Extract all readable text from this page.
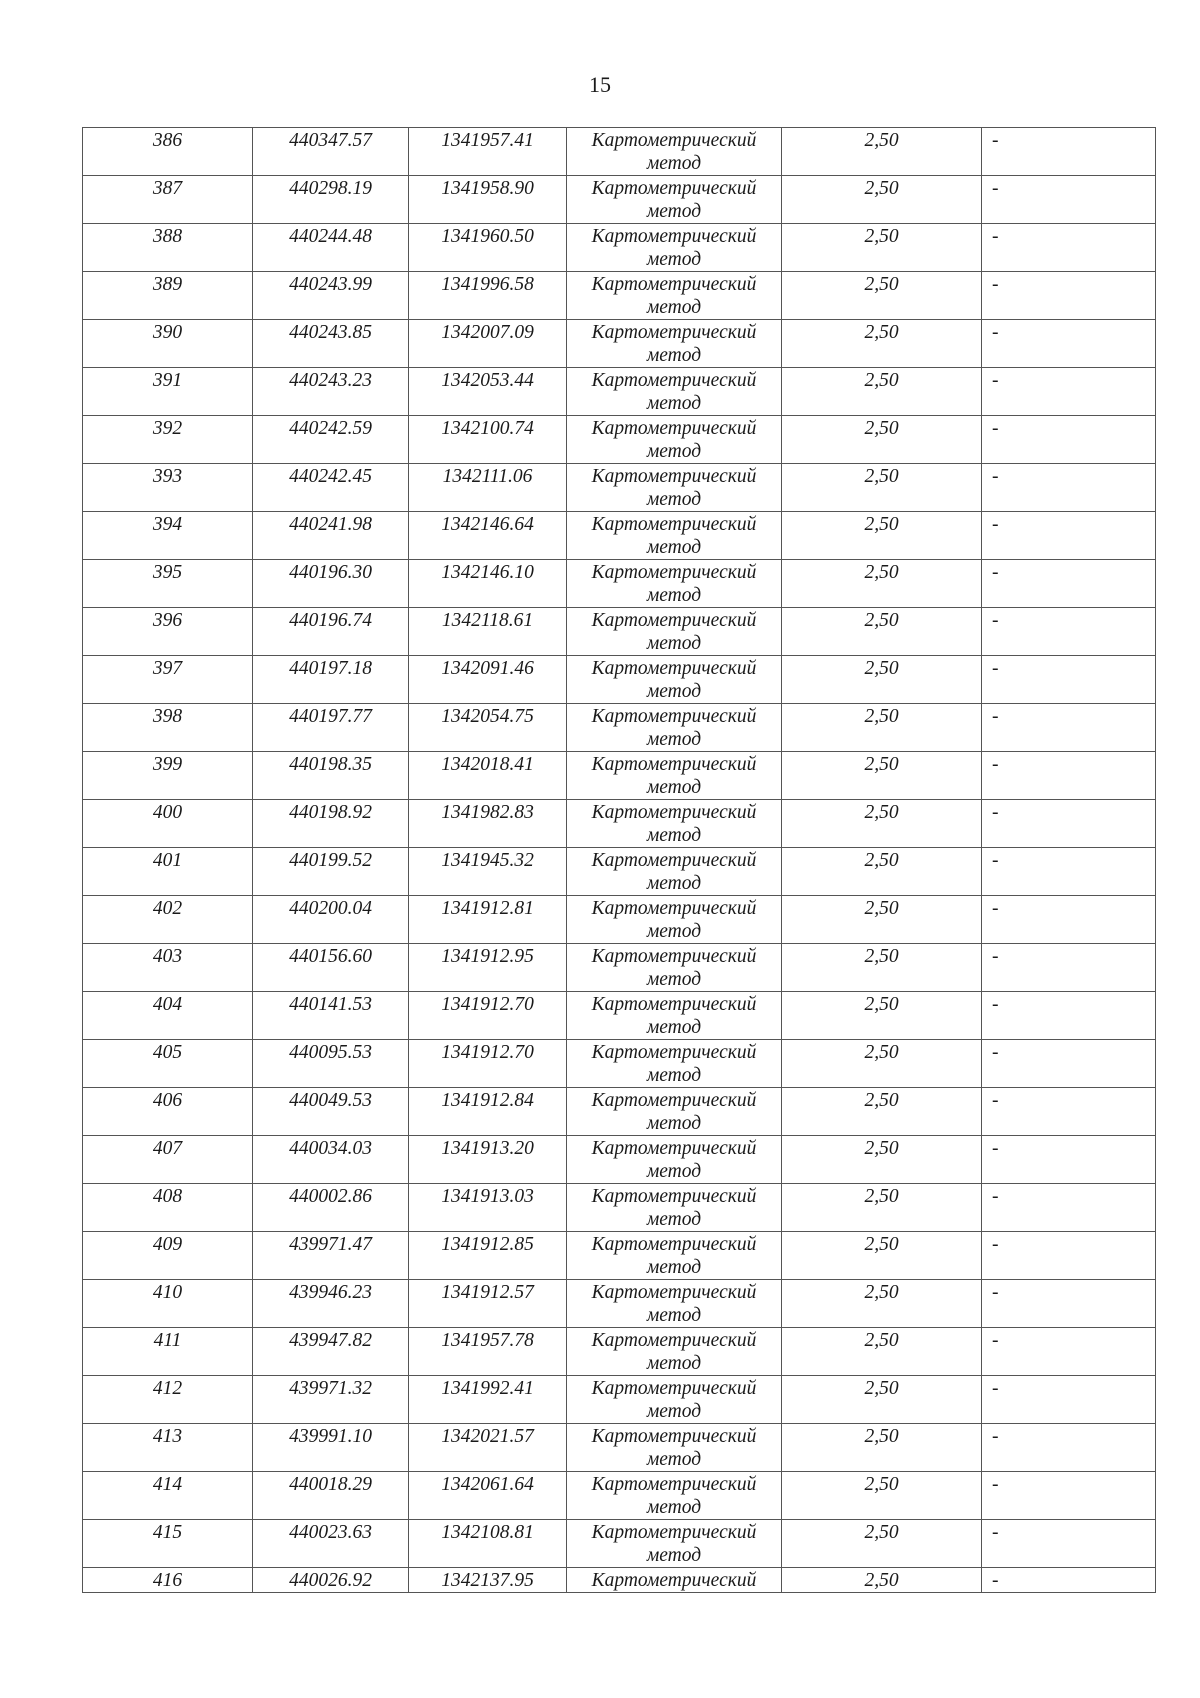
15
386	440347.57	1341957.41	Картометрический
метод	2,50	-

387	440298.19	1341958.90	Картометрический
метод	2,50	-

388	440244.48	1341960.50	Картометрический
метод	2,50	-

389	440243.99	1341996.58	Картометрический
метод	2,50	-

390	440243.85	1342007.09	Картометрический
метод	2,50	-

391	440243.23	1342053.44	Картометрический
метод	2,50	-

392	440242.59	1342100.74	Картометрический
метод	2,50	-

393	440242.45	1342111.06	Картометрический
метод	2,50	-

394	440241.98	1342146.64	Картометрический
метод	2,50	-

395	440196.30	1342146.10	Картометрический
метод	2,50	-

396	440196.74	1342118.61	Картометрический
метод	2,50	-

397	440197.18	1342091.46	Картометрический
метод	2,50	-

398	440197.77	1342054.75	Картометрический
метод	2,50	-

399	440198.35	1342018.41	Картометрический
метод	2,50	-

400	440198.92	1341982.83	Картометрический
метод	2,50	-

401	440199.52	1341945.32	Картометрический
метод	2,50	-

402	440200.04	1341912.81	Картометрический
метод	2,50	-

403	440156.60	1341912.95	Картометрический
метод	2,50	-

404	440141.53	1341912.70	Картометрический
метод	2,50	-

405	440095.53	1341912.70	Картометрический
метод	2,50	-

406	440049.53	1341912.84	Картометрический
метод	2,50	-

407	440034.03	1341913.20	Картометрический
метод	2,50	-

408	440002.86	1341913.03	Картометрический
метод	2,50	-

409	439971.47	1341912.85	Картометрический
метод	2,50	-

410	439946.23	1341912.57	Картометрический
метод	2,50	-

411	439947.82	1341957.78	Картометрический
метод	2,50	-

412	439971.32	1341992.41	Картометрический
метод	2,50	-

413	439991.10	1342021.57	Картометрический
метод	2,50	-

414	440018.29	1342061.64	Картометрический
метод	2,50	-

415	440023.63	1342108.81	Картометрический
метод	2,50	-

416	440026.92	1342137.95	Картометрический	2,50	-
